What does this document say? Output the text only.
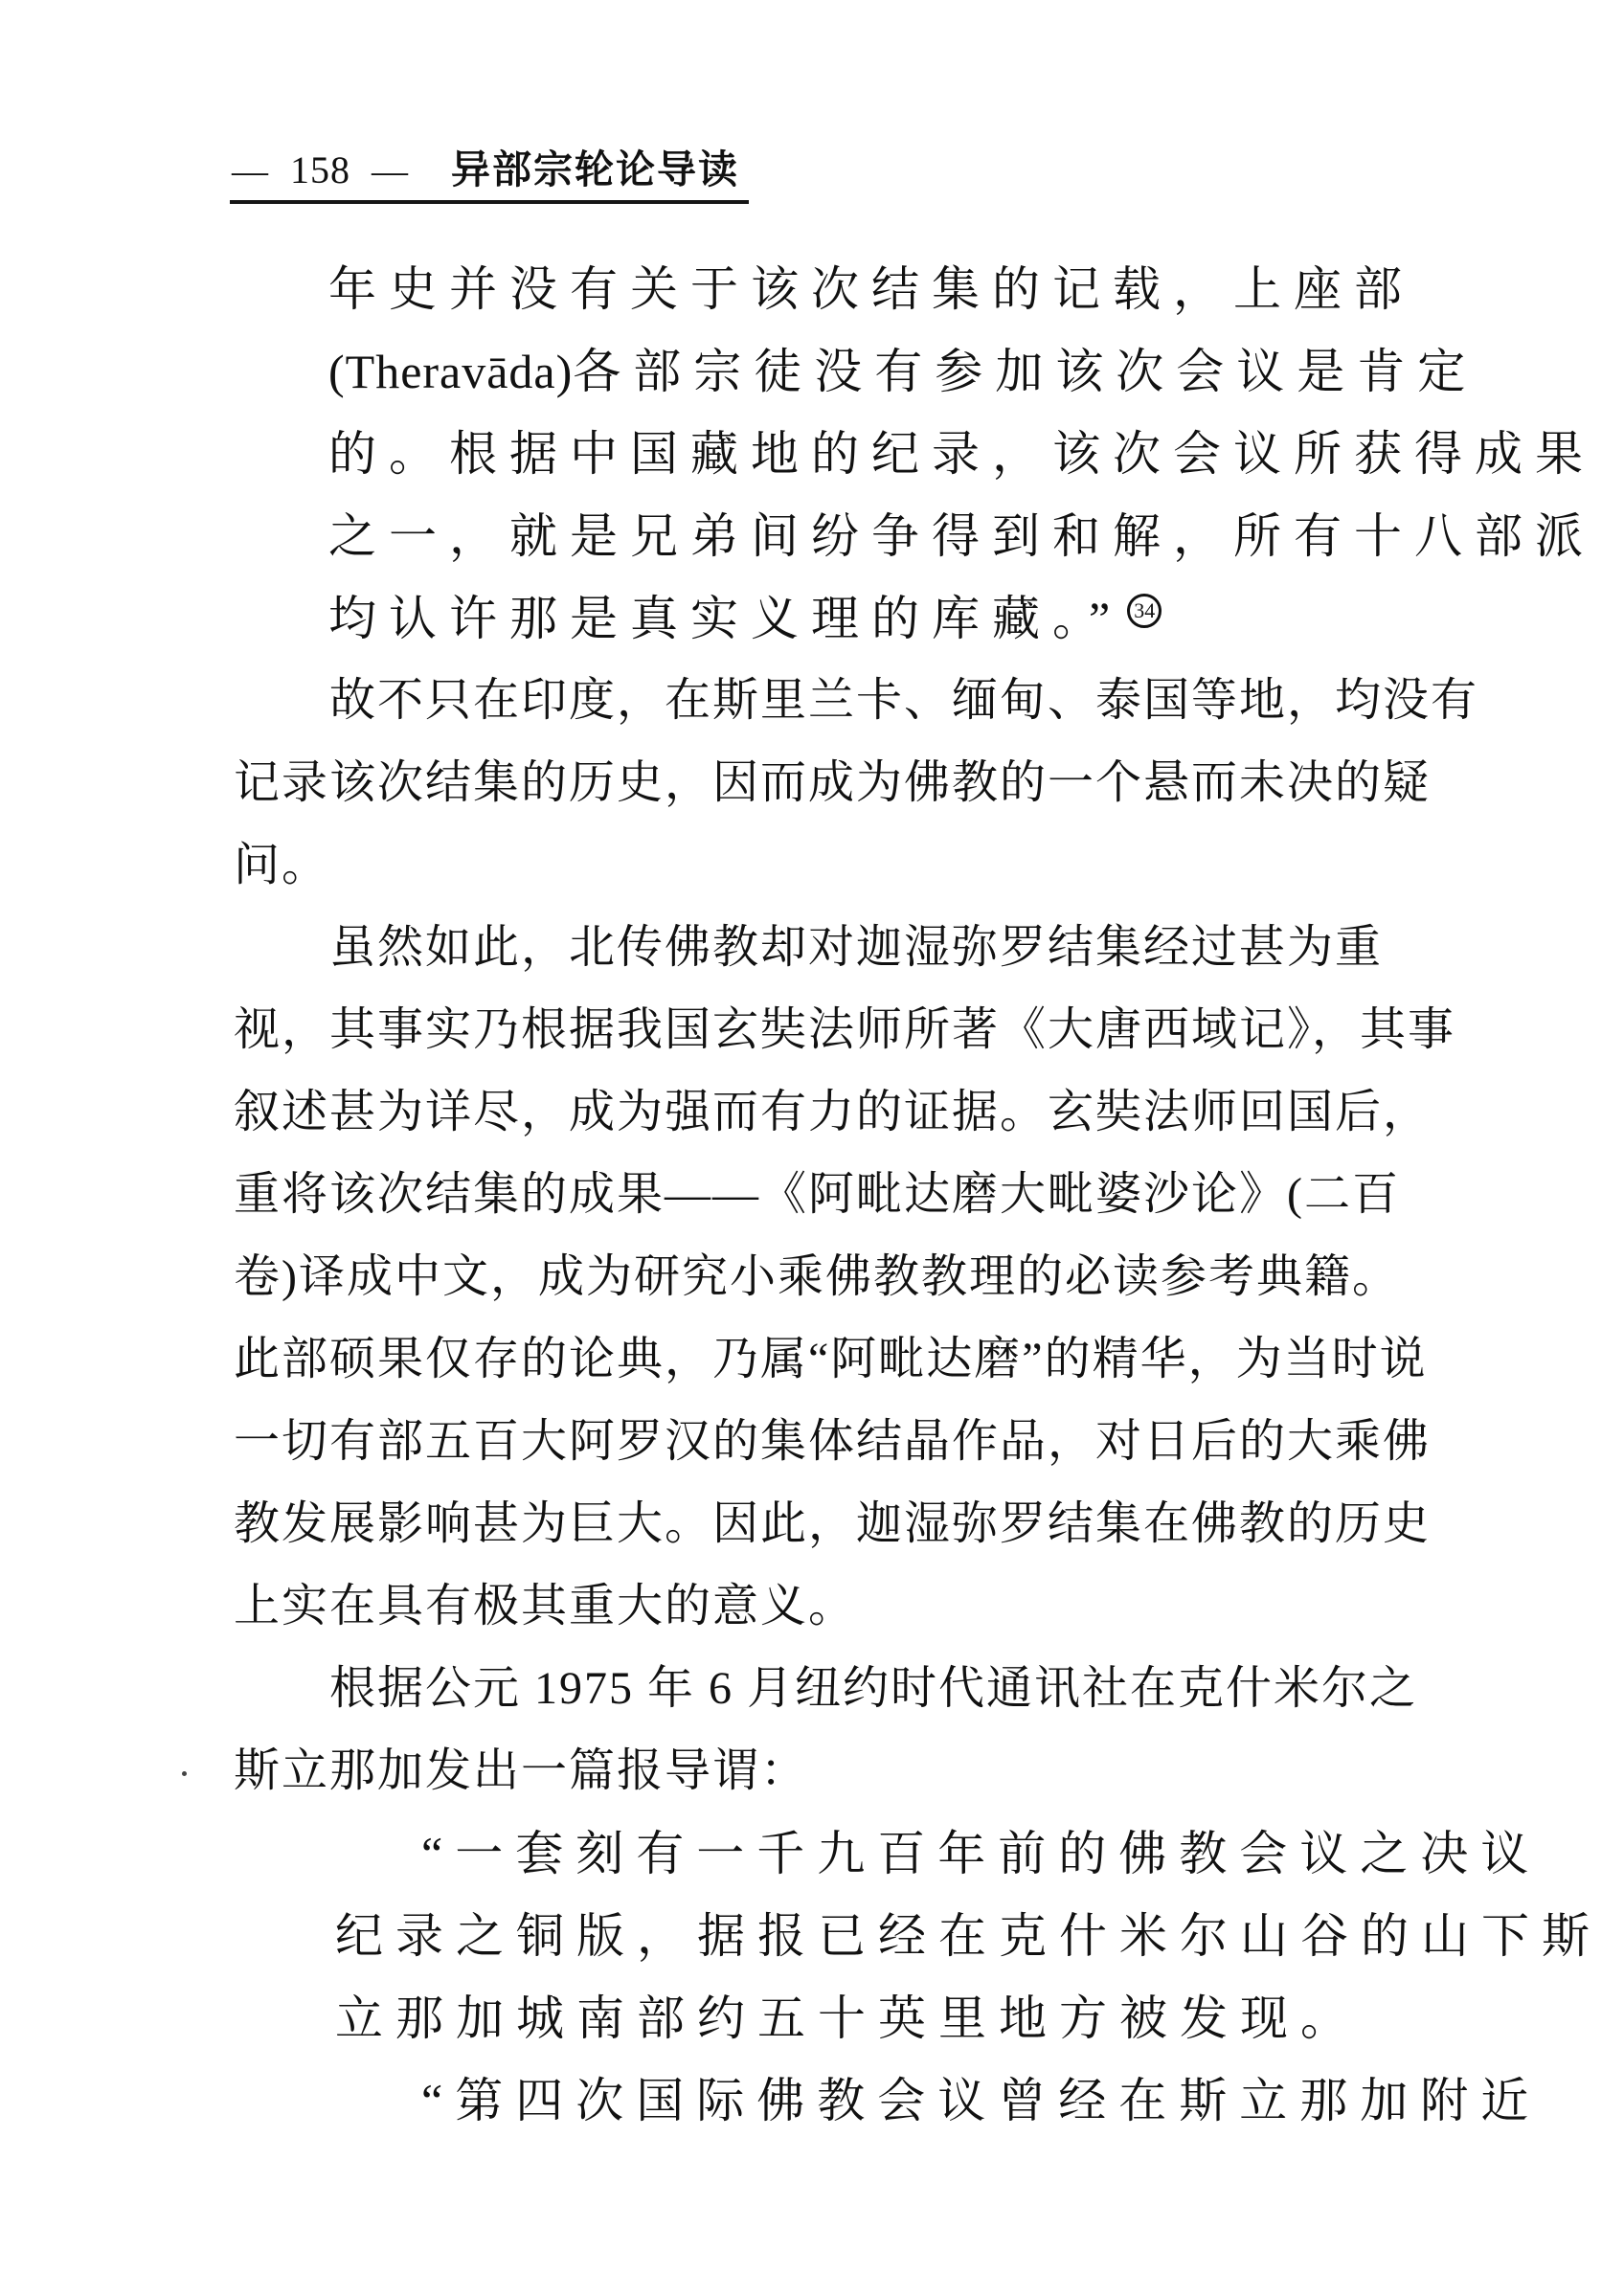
— 158 — 异部宗轮论导读
年史并没有关于该次结集的记载，上座部
(Theravāda)各部宗徒没有参加该次会议是肯定
的。根据中国藏地的纪录，该次会议所获得成果
之一，就是兄弟间纷争得到和解，所有十八部派
均认许那是真实义理的库藏。” 34
故不只在印度，在斯里兰卡、缅甸、泰国等地，均没有
记录该次结集的历史，因而成为佛教的一个悬而未决的疑
问。
虽然如此，北传佛教却对迦湿弥罗结集经过甚为重
视，其事实乃根据我国玄奘法师所著《大唐西域记》，其事
叙述甚为详尽，成为强而有力的证据。玄奘法师回国后，
重将该次结集的成果——《阿毗达磨大毗婆沙论》(二百
卷)译成中文，成为研究小乘佛教教理的必读参考典籍。
此部硕果仅存的论典，乃属“阿毗达磨”的精华，为当时说
一切有部五百大阿罗汉的集体结晶作品，对日后的大乘佛
教发展影响甚为巨大。因此，迦湿弥罗结集在佛教的历史
上实在具有极其重大的意义。
根据公元 1975 年 6 月纽约时代通讯社在克什米尔之
斯立那加发出一篇报导谓：
“一套刻有一千九百年前的佛教会议之决议
纪录之铜版，据报已经在克什米尔山谷的山下斯
立那加城南部约五十英里地方被发现。
“第四次国际佛教会议曾经在斯立那加附近
